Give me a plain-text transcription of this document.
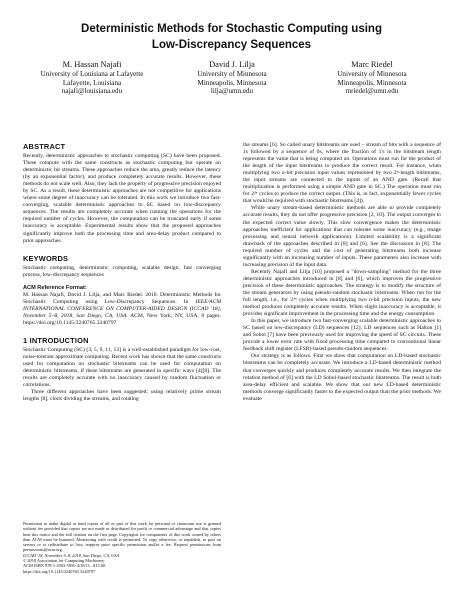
Deterministic Methods for Stochastic Computing using
Low-Discrepancy Sequences
M. Hassan Najafi
University of Louisiana at Lafayette
Lafayette, Louisiana
najafi@louisiana.edu
David J. Lilja
University of Minnesota
Minneapolis, Minnesota
lilja@umn.edu
Marc Riedel
University of Minnesota
Minneapolis, Minnesota
mriedel@umn.edu
ABSTRACT

Recently, deterministic approaches to stochastic computing (SC) have been proposed. These compute with the same constructs as stochastic computing but operate on deterministic bit streams. These approaches reduce the area, greatly reduce the latency (by an exponential factor), and produce completely accurate results. However, these methods do not scale well. Also, they lack the property of progressive precision enjoyed by SC. As a result, these deterministic approaches are not competitive for applications where some degree of inaccuracy can be tolerated. In this work we introduce two fast-converging, scalable deterministic approaches to SC based on low-discrepancy sequences. The results are completely accurate when running the operations for the required number of cycles. However, the computation can be truncated early if some inaccuracy is acceptable. Experimental results show that the proposed approaches significantly improve both the processing time and area-delay product compared to prior approaches.

KEYWORDS

Stochastic computing, deterministic computing, scalable design, fast converging process, low-discrepancy sequences

ACM Reference Format:

M. Hassan Najafi, David J. Lilja, and Marc Riedel. 2018. Deterministic Methods for Stochastic Computing using Low-Discrepancy Sequences. In IEEE/ACM INTERNATIONAL CONFERENCE ON COMPUTER-AIDED DESIGN (ICCAD '18), November 5–8, 2018, San Diego, CA, USA. ACM, New York, NY, USA, 8 pages. https://doi.org/10.1145/3240765.3240797

1 INTRODUCTION

Stochastic Computing (SC) [3, 5, 9, 11, 13] is a well-established paradigm for low-cost, noise-tolerant approximate computing. Recent work has shown that the same constructs used for computation on stochastic bitstreams can be used for computation on deterministic bitstreams, if these bitstreams are generated in specific ways [4][8]. The results are completely accurate with no inaccuracy caused by random fluctuation or correlations.

Three different approaches have been suggested: using relatively prime stream lengths [8], clock dividing the streams, and rotating

Permission to make digital or hard copies of all or part of this work for personal or classroom use is granted without fee provided that copies are not made or distributed for profit or commercial advantage and that copies bear this notice and the full citation on the first page. Copyrights for components of this work owned by others than ACM must be honored. Abstracting with credit is permitted. To copy otherwise, or republish, to post on servers or to redistribute to lists, requires prior specific permission and/or a fee. Request permissions from permissions@acm.org.

ICCAD '18, November 5–8, 2018, San Diego, CA, USA

© 2018 Association for Computing Machinery.

ACM ISBN 978-1-4503-5950-4/18/11...$15.00

https://doi.org/10.1145/3240765.3240797

the streams [6]. So called unary bitstreams are used – stream of bits with a sequence of 1s followed by a sequence of 0s, where the fraction of 1's in the bitstream length represents the value that is being computed on. Operations must run for the product of the length of the input bitstreams to produce the correct result. For instance, when multiplying two n-bit precision input values represented by two 2ⁿ-length bitstreams, the input streams are connected to the inputs of an AND gate. (Recall that multiplication is performed using a simple AND gate in SC.) The operation must run for 2²ⁿ cycles to produce the correct output. (This is, in fact, exponentially fewer cycles that would be required with stochastic bitstreams [4]).

While unary stream-based deterministic methods are able to provide completely accurate results, they do not offer progressive precision [2, 10]. The output converges to the expected correct value slowly. This slow convergence makes the deterministic approaches inefficient for applications that can tolerate some inaccuracy (e.g., image processing and neural network applications). Limited scalability is a significant drawback of the approaches described in [8] and [6]. See the discussion in [8]. The required number of cycles and the cost of generating bitstreams both increase significantly with an increasing number of inputs. These parameters also increase with increasing precision of the input data.

Recently Najafi and Lilja [10] proposed a "down-sampling" method for the three deterministic approaches introduced in [8] and [6], which improves the progressive precision of these deterministic approaches. The strategy is to modify the structure of the stream generators by using pseudo-random stochastic bitstreams. When run for the full length, i.e., for 2²ⁿ cycles when multiplying two n-bit precision inputs, the new method produces completely accurate results. When slight inaccuracy is acceptable, it provides significant improvement in the processing time and the energy consumption.

In this paper, we introduce two fast-converging scalable deterministic approaches to SC based on low-discrepancy (LD) sequences [12]. LD sequences such as Halton [1] and Sobol [7] have been previously used for improving the speed of SC circuits. These provide a lower error rate with fixed processing time compared to conventional linear feedback shift register (LFSR)-based pseudo-random sequences.

Our strategy is as follows. First we show that computation on LD-based stochastic bitstreams can be completely accurate. We introduce a LD-based deterministic method that converges quickly and produces completely accurate results. We then integrate the rotation method of [6] with the LD Sobol-based stochastic bitstreams. The result is both area-delay efficient and scalable. We show that our new LD-based deterministic methods converge significantly faster to the expected output than the prior methods. We evaluate
